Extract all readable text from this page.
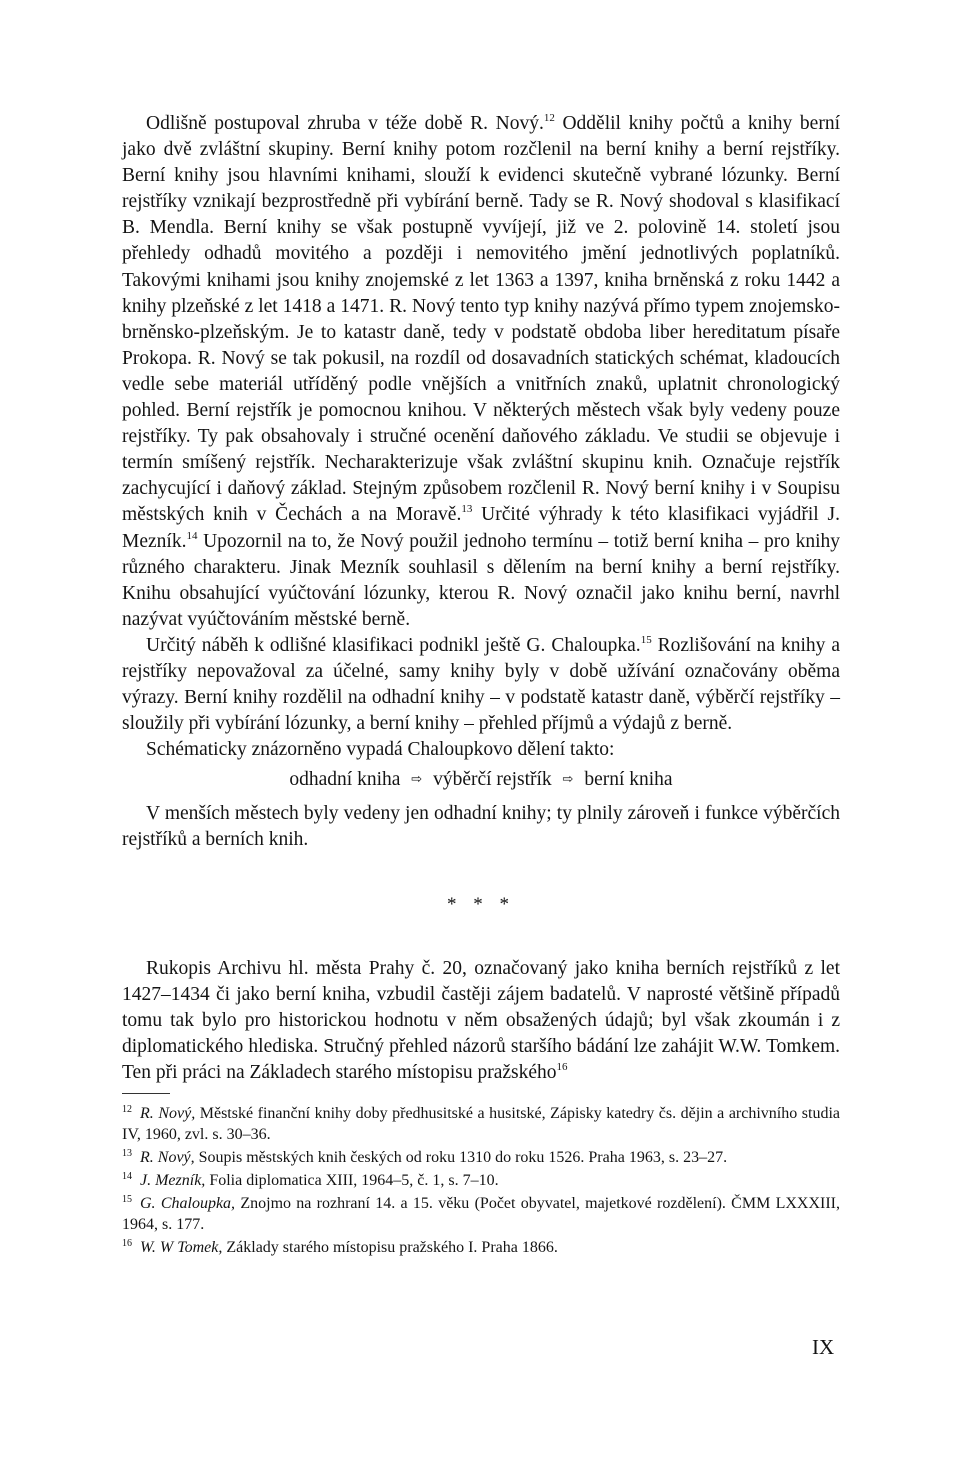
Odlišně postupoval zhruba v téže době R. Nový.$^{12}$ Oddělil knihy počtů a knihy berní jako dvě zvláštní skupiny. Berní knihy potom rozčlenil na berní knihy a berní rejstříky. Berní knihy jsou hlavními knihami, slouží k evidenci skutečně vybrané lózunky. Berní rejstříky vznikají bezprostředně při vybírání berně. Tady se R. Nový shodoval s klasifikací B. Mendla. Berní knihy se však postupně vyvíjejí, již ve 2. polovině 14. století jsou přehledy odhadů movitého a později i nemovitého jmění jednotlivých poplatníků. Takovými knihami jsou knihy znojemské z let 1363 a 1397, kniha brněnská z roku 1442 a knihy plzeňské z let 1418 a 1471. R. Nový tento typ knihy nazývá přímo typem znojemsko-brněnsko-plzeňským. Je to katastr daně, tedy v podstatě obdoba liber hereditatum písaře Prokopa. R. Nový se tak pokusil, na rozdíl od dosavadních statických schémat, kladoucích vedle sebe materiál utříděný podle vnějších a vnitřních znaků, uplatnit chronologický pohled. Berní rejstřík je pomocnou knihou. V některých městech však byly vedeny pouze rejstříky. Ty pak obsahovaly i stručné ocenění daňového základu. Ve studii se objevuje i termín smíšený rejstřík. Necharakterizuje však zvláštní skupinu knih. Označuje rejstřík zachycující i daňový základ. Stejným způsobem rozčlenil R. Nový berní knihy i v Soupisu městských knih v Čechách a na Moravě.$^{13}$ Určité výhrady k této klasifikaci vyjádřil J. Mezník.$^{14}$ Upozornil na to, že Nový použil jednoho termínu – totiž berní kniha – pro knihy různého charakteru. Jinak Mezník souhlasil s dělením na berní knihy a berní rejstříky. Knihu obsahující vyúčtování lózunky, kterou R. Nový označil jako knihu berní, navrhl nazývat vyúčtováním městské berně.

Určitý náběh k odlišné klasifikaci podnikl ještě G. Chaloupka.$^{15}$ Rozlišování na knihy a rejstříky nepovažoval za účelné, samy knihy byly v době užívání označovány oběma výrazy. Berní knihy rozdělil na odhadní knihy – v podstatě katastr daně, výběrčí rejstříky – sloužily při vybírání lózunky, a berní knihy – přehled příjmů a výdajů z berně.

Schématicky znázorněno vypadá Chaloupkovo dělení takto:

odhadní kniha ⇨ výběrčí rejstřík ⇨ berní kniha

V menších městech byly vedeny jen odhadní knihy; ty plnily zároveň i funkce výběrčích rejstříků a berních knih.

* * *

Rukopis Archivu hl. města Prahy č. 20, označovaný jako kniha berních rejstříků z let 1427–1434 či jako berní kniha, vzbudil častěji zájem badatelů. V naprosté většině případů tomu tak bylo pro historickou hodnotu v něm obsažených údajů; byl však zkoumán i z diplomatického hlediska. Stručný přehled názorů staršího bádání lze zahájit W.W. Tomkem. Ten při práci na Základech starého místopisu pražského$^{16}$

$^{12}$ R. Nový, Městské finanční knihy doby předhusitské a husitské, Zápisky katedry čs. dějin a archivního studia IV, 1960, zvl. s. 30–36.

$^{13}$ R. Nový, Soupis městských knih českých od roku 1310 do roku 1526. Praha 1963, s. 23–27.

$^{14}$ J. Mezník, Folia diplomatica XIII, 1964–5, č. 1, s. 7–10.

$^{15}$ G. Chaloupka, Znojmo na rozhraní 14. a 15. věku (Počet obyvatel, majetkové rozdělení). ČMM LXXXIII, 1964, s. 177.

$^{16}$ W. W Tomek, Základy starého místopisu pražského I. Praha 1866.

IX
